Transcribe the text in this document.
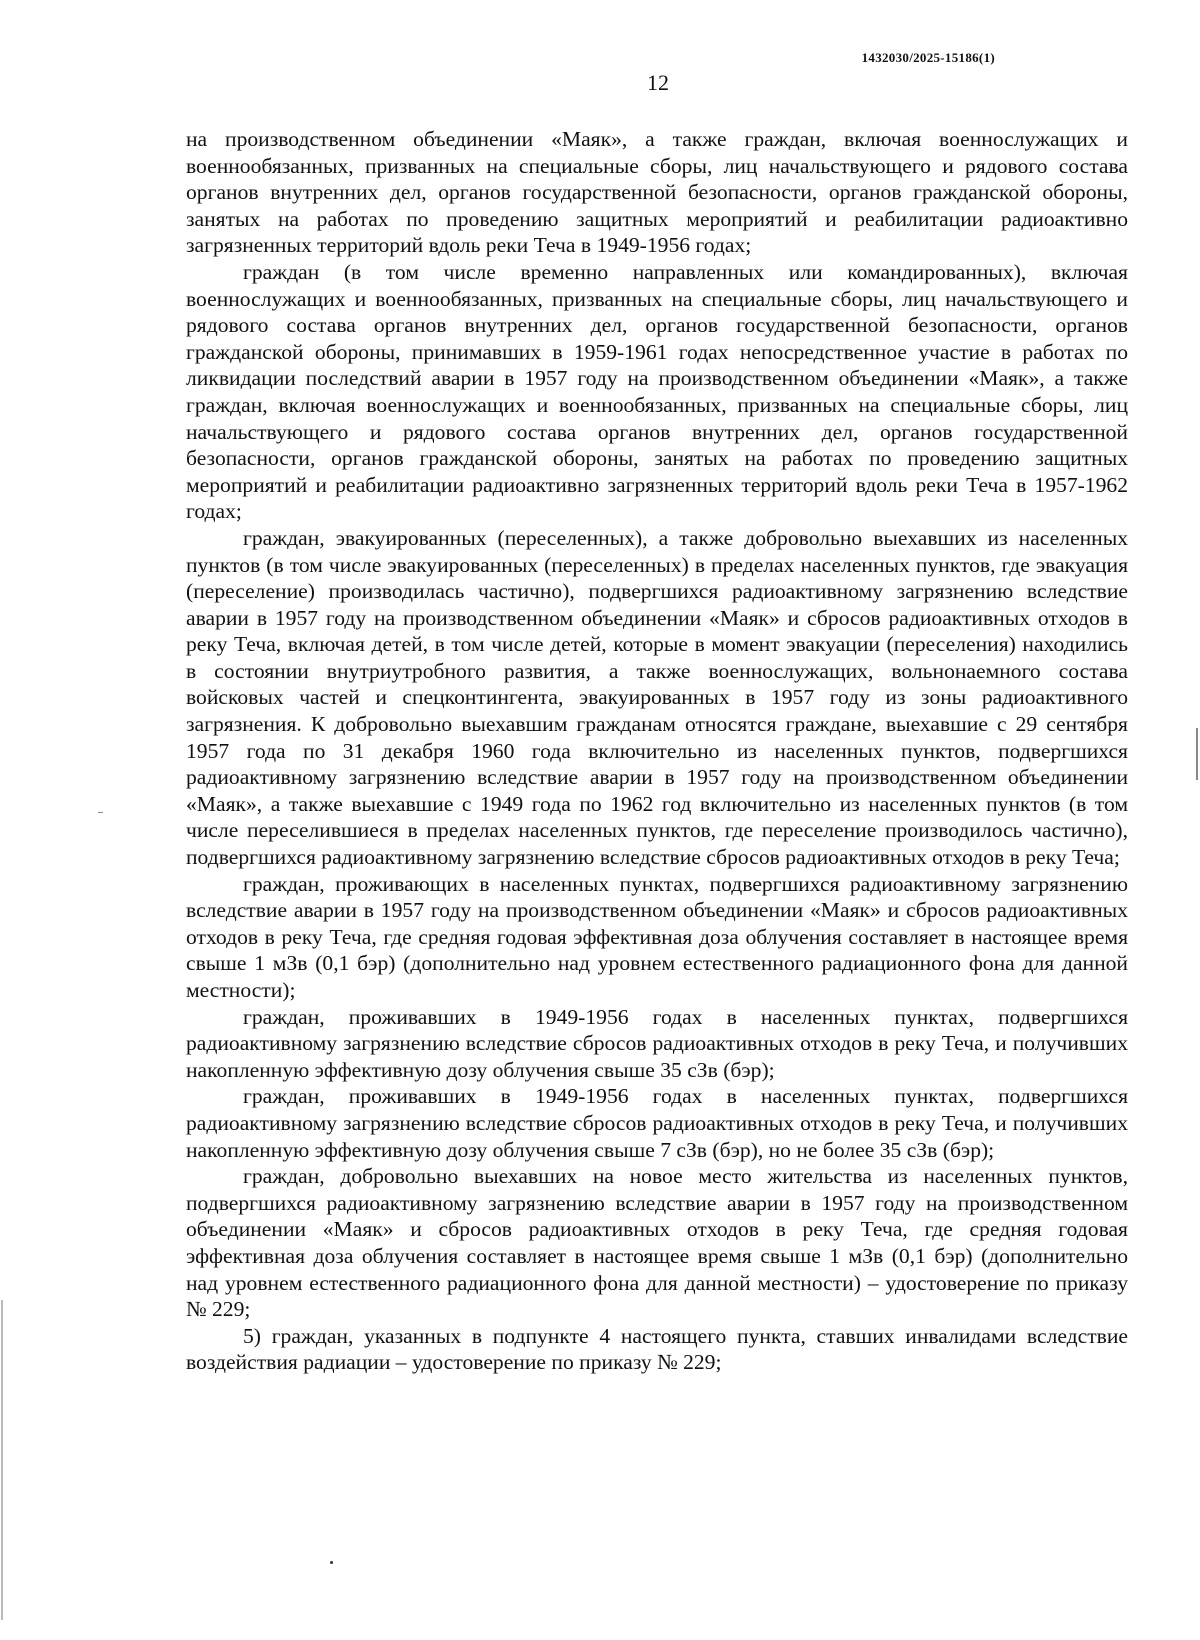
1432030/2025-15186(1)
12

на производственном объединении «Маяк», а также граждан, включая военнослужащих и военнообязанных, призванных на специальные сборы, лиц начальствующего и рядового состава органов внутренних дел, органов государственной безопасности, органов гражданской обороны, занятых на работах по проведению защитных мероприятий и реабилитации радиоактивно загрязненных территорий вдоль реки Теча в 1949-1956 годах;

граждан (в том числе временно направленных или командированных), включая военнослужащих и военнообязанных, призванных на специальные сборы, лиц начальствующего и рядового состава органов внутренних дел, органов государственной безопасности, органов гражданской обороны, принимавших в 1959-1961 годах непосредственное участие в работах по ликвидации последствий аварии в 1957 году на производственном объединении «Маяк», а также граждан, включая военнослужащих и военнообязанных, призванных на специальные сборы, лиц начальствующего и рядового состава органов внутренних дел, органов государственной безопасности, органов гражданской обороны, занятых на работах по проведению защитных мероприятий и реабилитации радиоактивно загрязненных территорий вдоль реки Теча в 1957-1962 годах;

граждан, эвакуированных (переселенных), а также добровольно выехавших из населенных пунктов (в том числе эвакуированных (переселенных) в пределах населенных пунктов, где эвакуация (переселение) производилась частично), подвергшихся радиоактивному загрязнению вследствие аварии в 1957 году на производственном объединении «Маяк» и сбросов радиоактивных отходов в реку Теча, включая детей, в том числе детей, которые в момент эвакуации (переселения) находились в состоянии внутриутробного развития, а также военнослужащих, вольнонаемного состава войсковых частей и спецконтингента, эвакуированных в 1957 году из зоны радиоактивного загрязнения. К добровольно выехавшим гражданам относятся граждане, выехавшие с 29 сентября 1957 года по 31 декабря 1960 года включительно из населенных пунктов, подвергшихся радиоактивному загрязнению вследствие аварии в 1957 году на производственном объединении «Маяк», а также выехавшие с 1949 года по 1962 год включительно из населенных пунктов (в том числе переселившиеся в пределах населенных пунктов, где переселение производилось частично), подвергшихся радиоактивному загрязнению вследствие сбросов радиоактивных отходов в реку Теча;

граждан, проживающих в населенных пунктах, подвергшихся радиоактивному загрязнению вследствие аварии в 1957 году на производственном объединении «Маяк» и сбросов радиоактивных отходов в реку Теча, где средняя годовая эффективная доза облучения составляет в настоящее время свыше 1 мЗв (0,1 бэр) (дополнительно над уровнем естественного радиационного фона для данной местности);

граждан, проживавших в 1949-1956 годах в населенных пунктах, подвергшихся радиоактивному загрязнению вследствие сбросов радиоактивных отходов в реку Теча, и получивших накопленную эффективную дозу облучения свыше 35 сЗв (бэр);

граждан, проживавших в 1949-1956 годах в населенных пунктах, подвергшихся радиоактивному загрязнению вследствие сбросов радиоактивных отходов в реку Теча, и получивших накопленную эффективную дозу облучения свыше 7 сЗв (бэр), но не более 35 сЗв (бэр);

граждан, добровольно выехавших на новое место жительства из населенных пунктов, подвергшихся радиоактивному загрязнению вследствие аварии в 1957 году на производственном объединении «Маяк» и сбросов радиоактивных отходов в реку Теча, где средняя годовая эффективная доза облучения составляет в настоящее время свыше 1 мЗв (0,1 бэр) (дополнительно над уровнем естественного радиационного фона для данной местности) – удостоверение по приказу № 229;

5) граждан, указанных в подпункте 4 настоящего пункта, ставших инвалидами вследствие воздействия радиации – удостоверение по приказу № 229;
